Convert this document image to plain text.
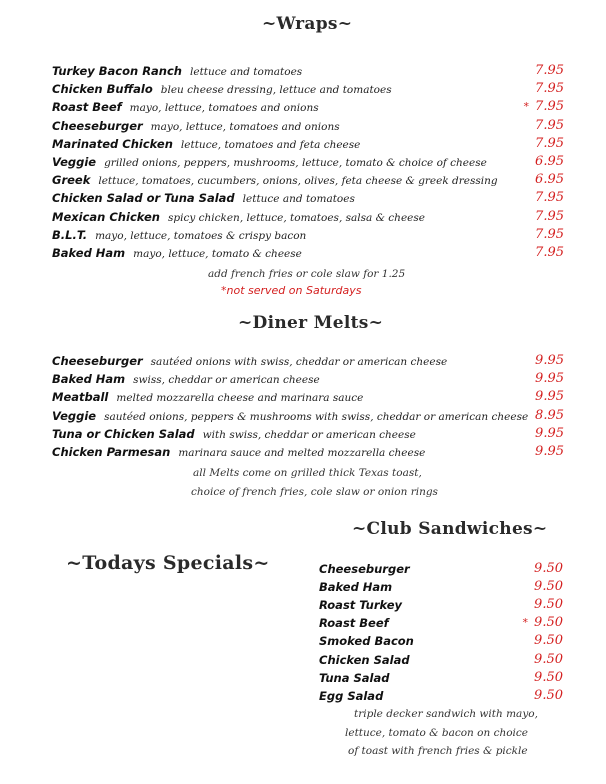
~Wraps~
Turkey Bacon Ranch lettuce and tomatoes	7.95
Chicken Buffalo bleu cheese dressing, lettuce and tomatoes	7.95
Roast Beef mayo, lettuce, tomatoes and onions	* 7.95
Cheeseburger mayo, lettuce, tomatoes and onions	7.95
Marinated Chicken lettuce, tomatoes and feta cheese	7.95
Veggie grilled onions, peppers, mushrooms, lettuce, tomato & choice of cheese	6.95
Greek lettuce, tomatoes, cucumbers, onions, olives, feta cheese & greek dressing	6.95
Chicken Salad or Tuna Salad lettuce and tomatoes	7.95
Mexican Chicken spicy chicken, lettuce, tomatoes, salsa & cheese	7.95
B.L.T. mayo, lettuce, tomatoes & crispy bacon	7.95
Baked Ham mayo, lettuce, tomato & cheese	7.95
add french fries or cole slaw for 1.25
*not served on Saturdays
~Diner Melts~
Cheeseburger sautéed onions with swiss, cheddar or american cheese	9.95
Baked Ham swiss, cheddar or american cheese	9.95
Meatball melted mozzarella cheese and marinara sauce	9.95
Veggie sautéed onions, peppers & mushrooms with swiss, cheddar or american cheese 8.95
Tuna or Chicken Salad with swiss, cheddar or american cheese	9.95
Chicken Parmesan marinara sauce and melted mozzarella cheese	9.95
all Melts come on grilled thick Texas toast,
choice of french fries, cole slaw or onion rings
~Club Sandwiches~
Cheeseburger	9.50
Baked Ham	9.50
Roast Turkey	9.50
Roast Beef	* 9.50
Smoked Bacon	9.50
Chicken Salad	9.50
Tuna Salad	9.50
Egg Salad	9.50
triple decker sandwich with mayo,
lettuce, tomato & bacon on choice
of toast with french fries & pickle
~Todays Specials~
